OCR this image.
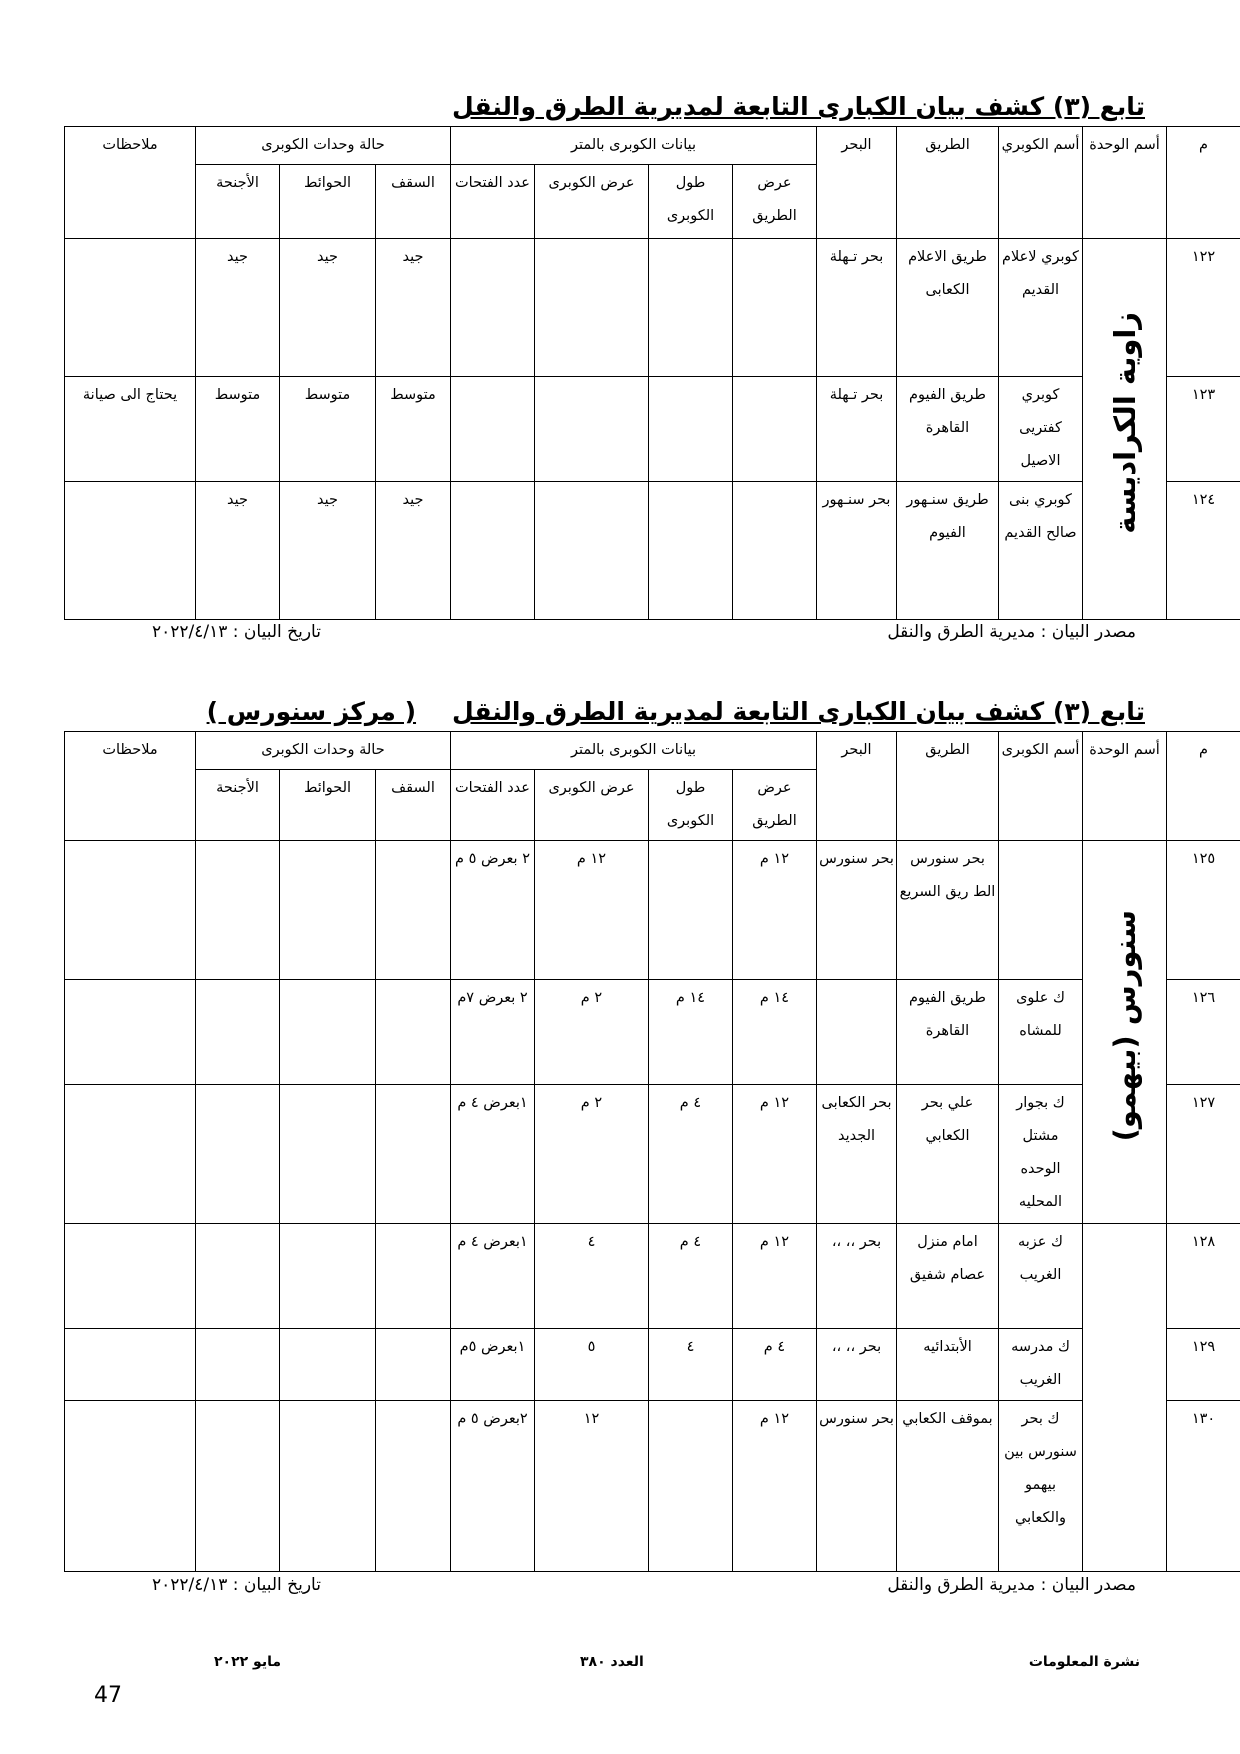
تابع (٣) كشف بيان الكبارى التابعة لمديرية الطرق والنقل
م	أسم الوحدة	أسم الكوبري	الطريق	البحر	بيانات الكوبرى بالمتر				حالة وحدات الكوبرى			ملاحظات
					عرض الطريق	طول الكوبرى	عرض الكوبرى	عدد الفتحات	السقف	الحوائط	الأجنحة	
١٢٢	زاوية الكراديسة	كوبري لاعلام القديم	طريق الاعلام الكعابى	بحر تـهلة					جيد	جيد	جيد	
١٢٣		كوبري كفتريى الاصيل	طريق الفيوم القاهرة	بحر تـهلة					متوسط	متوسط	متوسط	يحتاج الى صيانة
١٢٤		كوبري بنى صالح القديم	طريق سنـهور الفيوم	بحر سنـهور					جيد	جيد	جيد	
مصدر البيان : مديرية الطرق والنقل
تاريخ البيان : ٢٠٢٢/٤/١٣
تابع (٣) كشف بيان الكبارى التابعة لمديرية الطرق والنقل( مركز سنورس )
م	أسم الوحدة	أسم الكوبرى	الطريق	البحر	بيانات الكوبرى بالمتر				حالة وحدات الكوبرى			ملاحظات
					عرض الطريق	طول الكوبرى	عرض الكوبرى	عدد الفتحات	السقف	الحوائط	الأجنحة	
١٢٥	سنورس (بيهمو)		بحر سنورس الط ريق السريع	بحر سنورس	١٢ م		١٢ م	٢ بعرض ٥ م				
١٢٦		ك علوى للمشاه	طريق الفيوم القاهرة		١٤ م	١٤ م	٢ م	٢ بعرض ٧م				
١٢٧		ك بجوار مشتل الوحده المحليه	علي بحر الكعابي	بحر الكعابى الجديد	١٢ م	٤ م	٢ م	١بعرض ٤ م				
١٢٨		ك عزبه الغريب	امام منزل عصام شفيق	بحر ،، ،،	١٢ م	٤ م	٤	١بعرض ٤ م				
١٢٩		ك مدرسه الغريب	الأبتدائيه	بحر ،، ،،	٤ م	٤	٥	١بعرض ٥م				
١٣٠		ك بحر سنورس بين بيهمو والكعابي	بموقف الكعابي	بحر سنورس	١٢ م		١٢	٢بعرض ٥ م				
مصدر البيان : مديرية الطرق والنقل
تاريخ البيان : ٢٠٢٢/٤/١٣
نشرة المعلومات
العدد ٣٨٠
مايو ٢٠٢٢
47
